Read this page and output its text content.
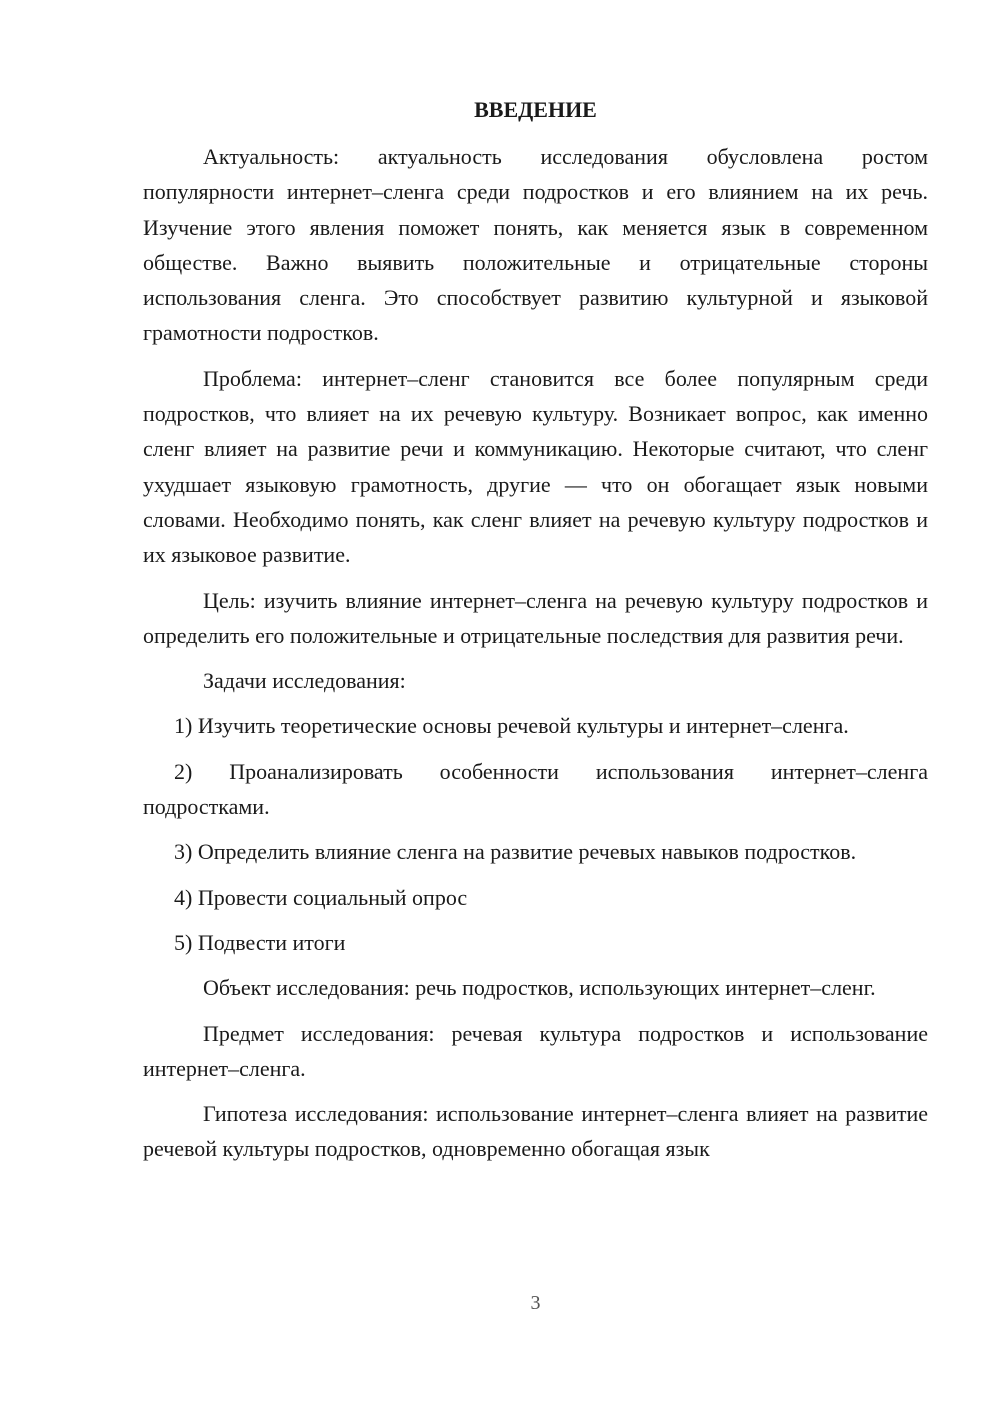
ВВЕДЕНИЕ

Актуальность: актуальность исследования обусловлена ростом популярности интернет–сленга среди подростков и его влиянием на их речь. Изучение этого явления поможет понять, как меняется язык в современном обществе. Важно выявить положительные и отрицательные стороны использования сленга. Это способствует развитию культурной и языковой грамотности подростков.

Проблема: интернет–сленг становится все более популярным среди подростков, что влияет на их речевую культуру. Возникает вопрос, как именно сленг влияет на развитие речи и коммуникацию. Некоторые считают, что сленг ухудшает языковую грамотность, другие — что он обогащает язык новыми словами. Необходимо понять, как сленг влияет на речевую культуру подростков и их языковое развитие.

Цель: изучить влияние интернет–сленга на речевую культуру подростков и определить его положительные и отрицательные последствия для развития речи.

Задачи исследования:

1) Изучить теоретические основы речевой культуры и интернет–сленга.

2) Проанализировать особенности использования интернет–сленга подростками.

3) Определить влияние сленга на развитие речевых навыков подростков.

4) Провести социальный опрос

5) Подвести итоги

Объект исследования: речь подростков, использующих интернет–сленг.

Предмет исследования: речевая культура подростков и использование интернет–сленга.

Гипотеза исследования: использование интернет–сленга влияет на развитие речевой культуры подростков, одновременно обогащая язык

3
